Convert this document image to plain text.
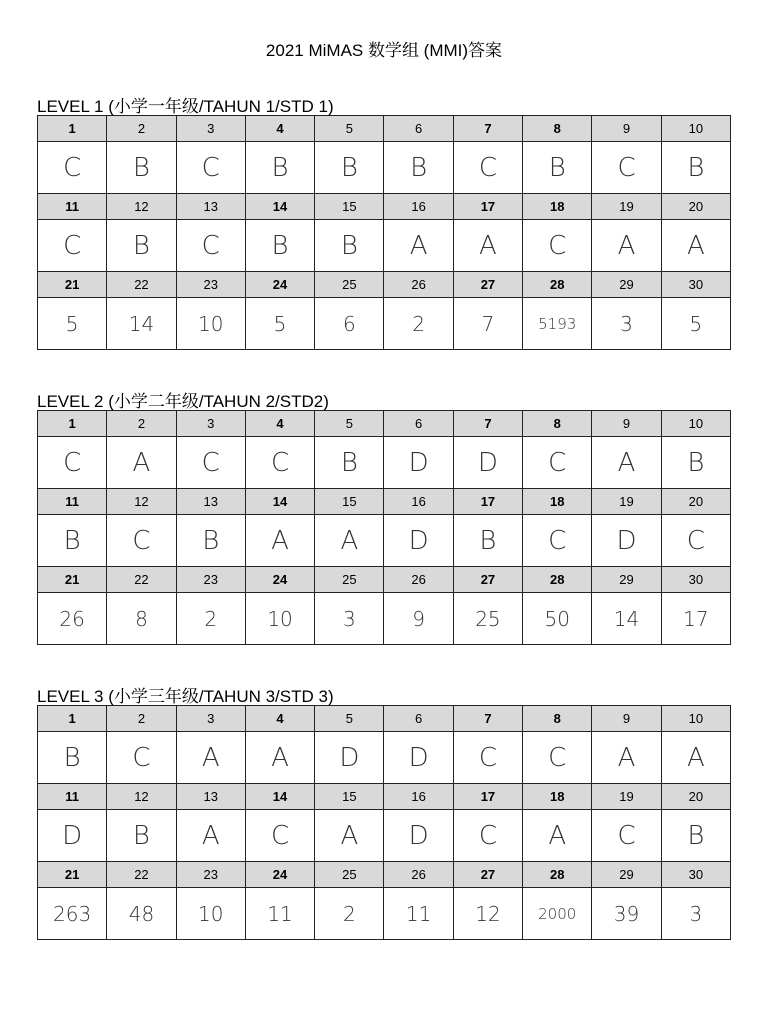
2021 MiMAS 数学组 (MMI)答案
LEVEL 1 (小学一年级/TAHUN 1/STD 1)
1	2	3	4	5	6	7	8	9	10
C	B	C	B	B	B	C	B	C	B
11	12	13	14	15	16	17	18	19	20
C	B	C	B	B	A	A	C	A	A
21	22	23	24	25	26	27	28	29	30
5	14	10	5	6	2	7	5193	3	5
LEVEL 2 (小学二年级/TAHUN 2/STD2)
1	2	3	4	5	6	7	8	9	10
C	A	C	C	B	D	D	C	A	B
11	12	13	14	15	16	17	18	19	20
B	C	B	A	A	D	B	C	D	C
21	22	23	24	25	26	27	28	29	30
26	8	2	10	3	9	25	50	14	17
LEVEL 3 (小学三年级/TAHUN 3/STD 3)
1	2	3	4	5	6	7	8	9	10
B	C	A	A	D	D	C	C	A	A
11	12	13	14	15	16	17	18	19	20
D	B	A	C	A	D	C	A	C	B
21	22	23	24	25	26	27	28	29	30
263	48	10	11	2	11	12	2000	39	3
